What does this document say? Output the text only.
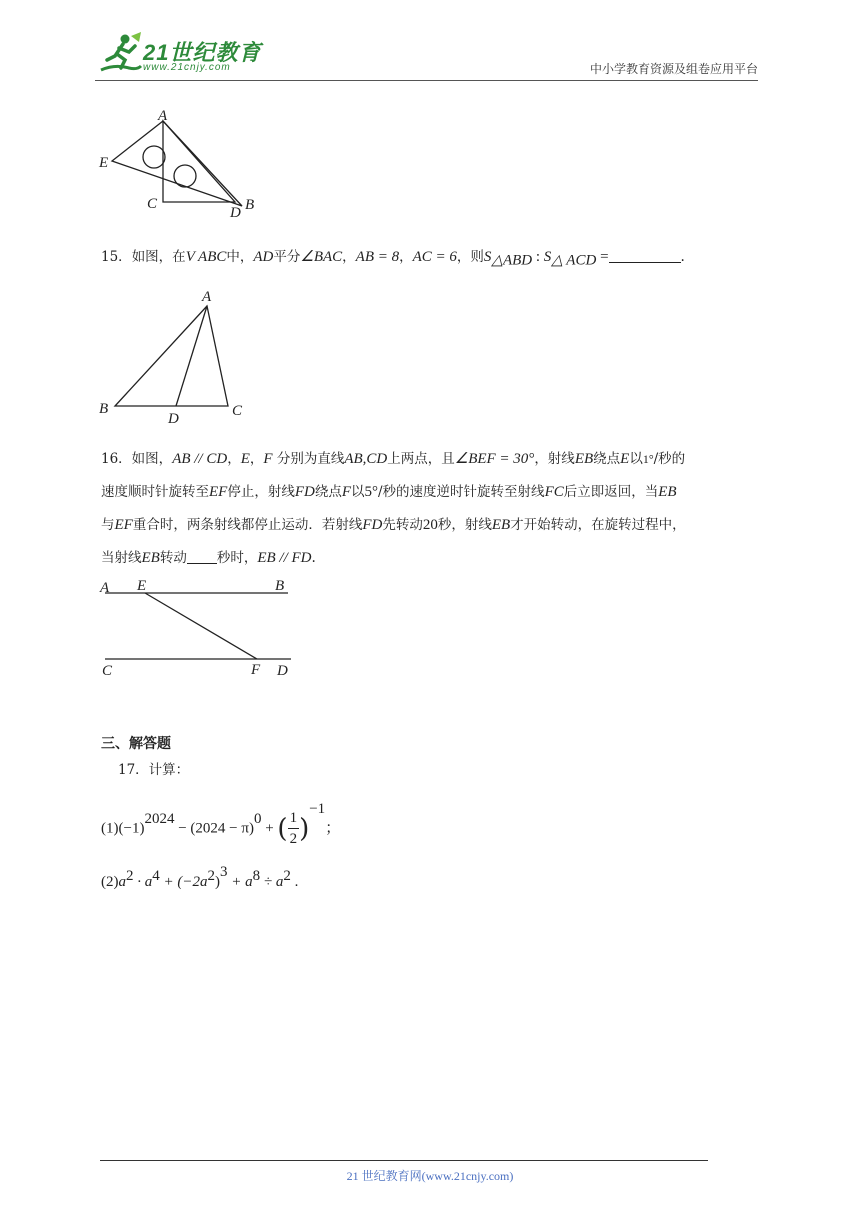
21世纪教育
www.21cnjy.com	中小学教育资源及组卷应用平台
A
E
C
D B
15．如图，在V ABC中，AD平分∠BAC，AB = 8，AC = 6，则$S_{\triangle ABD}$ : $S_{\triangle ACD}$ =	.
A
B
D	C
16．如图，AB // CD，E，F 分别为直线AB,CD上两点，且∠BEF = 30°，射线EB绕点E以1°/秒的
速度顺时针旋转至EF停止，射线FD绕点F以5°/秒的速度逆时针旋转至射线FC后立即返回，当EB
与EF重合时，两条射线都停止运动．若射线FD先转动20秒，射线EB才开始转动，在旋转过程中，
当射线EB转动 秒时，EB // FD.
A E	B
C	F D
三、解答题
17．计算：
$(1)(-1)^{2024} - (2024 - \pi)^0$ + ( $\frac{1}{2} )^{-1}$；
$(2)a^2 \cdot a^4 + (-2a^2)^3 + a^8 \div a^2$ .
21 世纪教育网(www.21cnjy.com)
